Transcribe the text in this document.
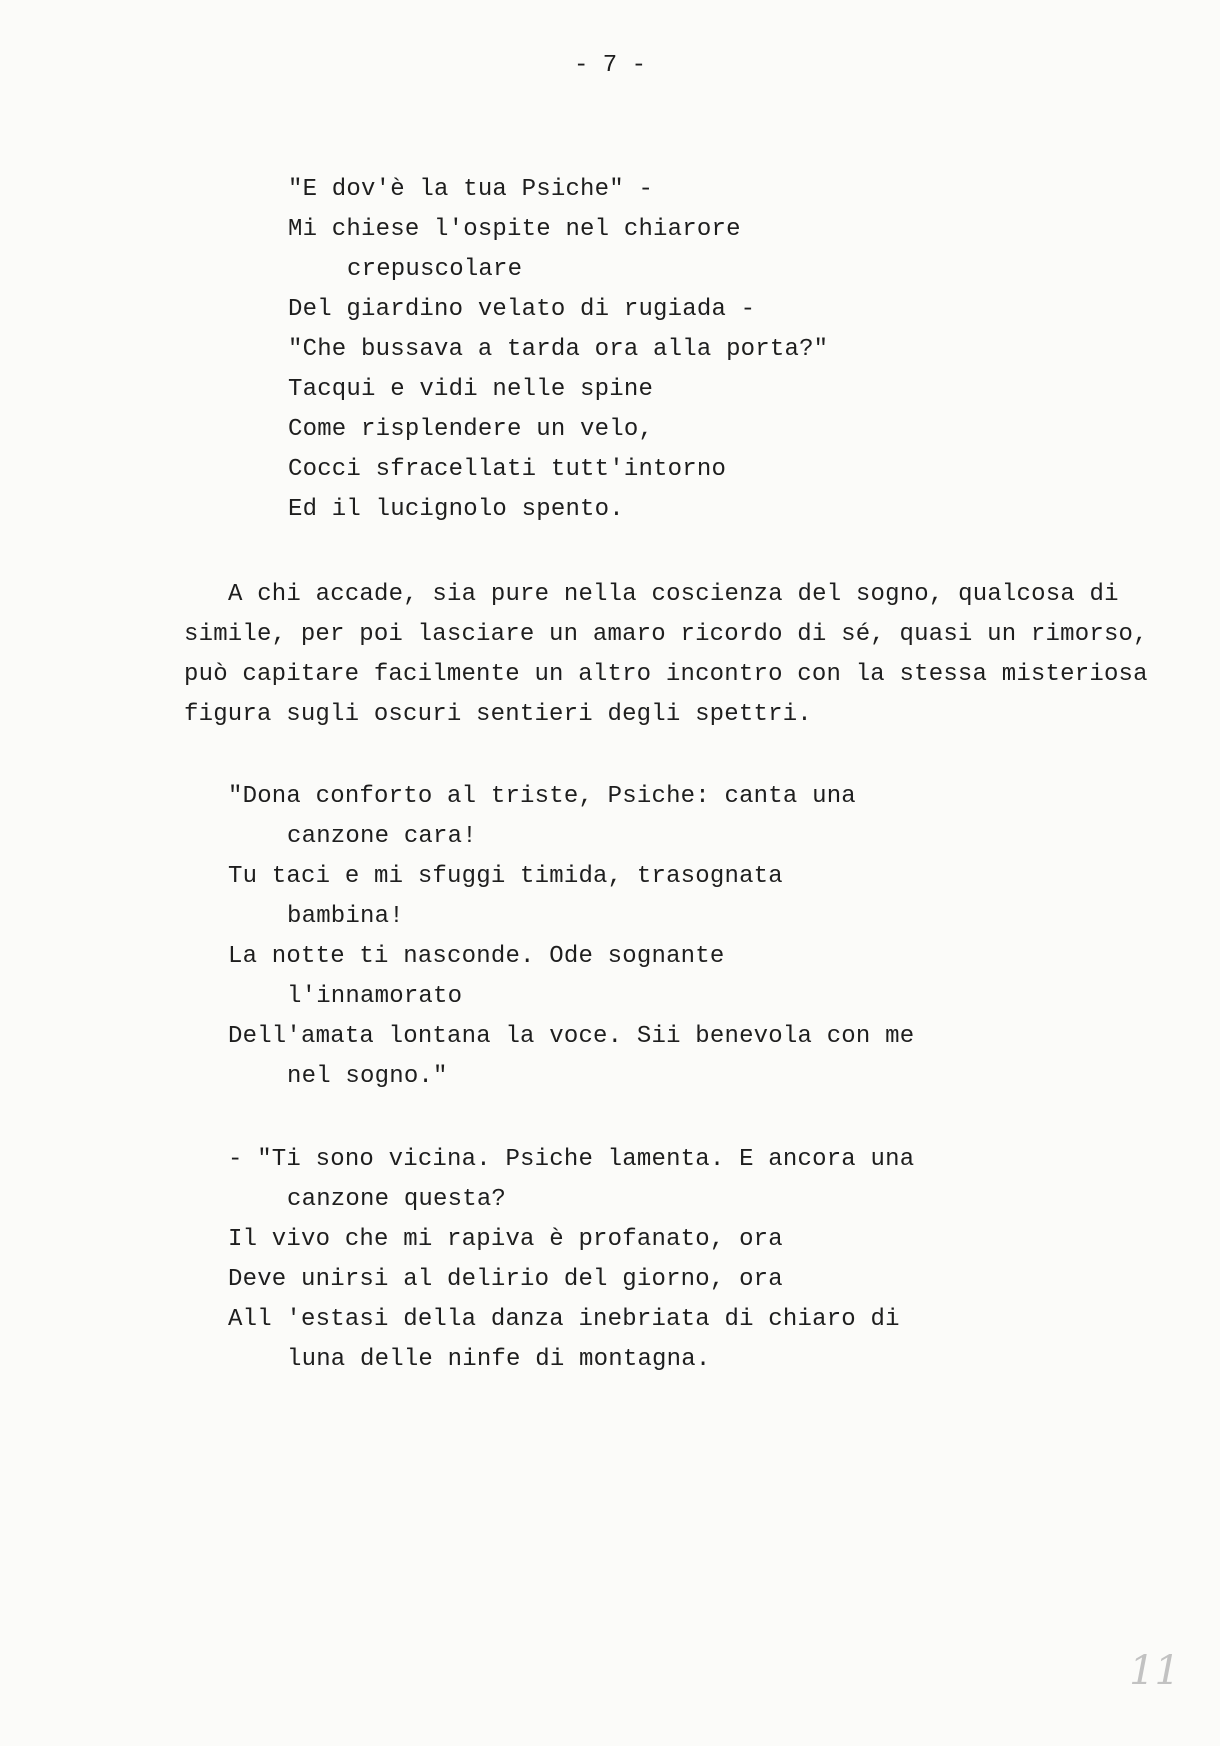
- 7 -
"E dov'è la tua Psiche" -
Mi chiese l'ospite nel chiarore
crepuscolare
Del giardino velato di rugiada -
"Che bussava a tarda ora alla porta?"
Tacqui e vidi nelle spine
Come risplendere un velo,
Cocci sfracellati tutt'intorno
Ed il lucignolo spento.
A chi accade, sia pure nella coscienza del sogno, qualcosa di
simile, per poi lasciare un amaro ricordo di sé, quasi un rimorso,
può capitare facilmente un altro incontro con la stessa misteriosa
figura sugli oscuri sentieri degli spettri.
"Dona conforto al triste, Psiche: canta una
canzone cara!
Tu taci e mi sfuggi timida, trasognata
bambina!
La notte ti nasconde. Ode sognante
l'innamorato
Dell'amata lontana la voce. Sii benevola con me
nel sogno."
- "Ti sono vicina. Psiche lamenta. E ancora una
canzone questa?
Il vivo che mi rapiva è profanato, ora
Deve unirsi al delirio del giorno, ora
All 'estasi della danza inebriata di chiaro di
luna delle ninfe di montagna.
11
